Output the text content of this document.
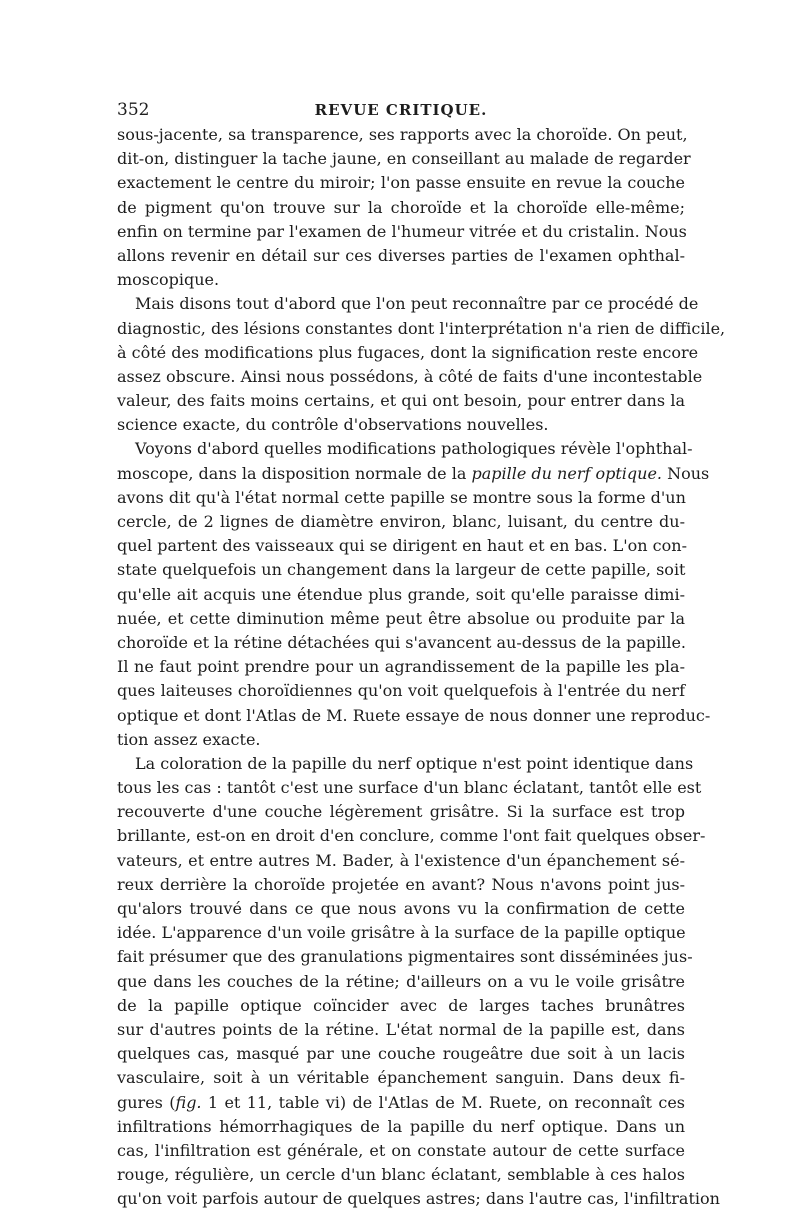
352	REVUE CRITIQUE.

sous-jacente, sa transparence, ses rapports avec la choroïde. On peut,
dit-on, distinguer la tache jaune, en conseillant au malade de regarder
exactement le centre du miroir; l'on passe ensuite en revue la couche
de pigment qu'on trouve sur la choroïde et la choroïde elle-même;
enfin on termine par l'examen de l'humeur vitrée et du cristalin. Nous
allons revenir en détail sur ces diverses parties de l'examen ophthal-
moscopique.

Mais disons tout d'abord que l'on peut reconnaître par ce procédé de
diagnostic, des lésions constantes dont l'interprétation n'a rien de difficile,
à côté des modifications plus fugaces, dont la signification reste encore
assez obscure. Ainsi nous possédons, à côté de faits d'une incontestable
valeur, des faits moins certains, et qui ont besoin, pour entrer dans la
science exacte, du contrôle d'observations nouvelles.

Voyons d'abord quelles modifications pathologiques révèle l'ophthal-
moscope, dans la disposition normale de la papille du nerf optique. Nous
avons dit qu'à l'état normal cette papille se montre sous la forme d'un
cercle, de 2 lignes de diamètre environ, blanc, luisant, du centre du-
quel partent des vaisseaux qui se dirigent en haut et en bas. L'on con-
state quelquefois un changement dans la largeur de cette papille, soit
qu'elle ait acquis une étendue plus grande, soit qu'elle paraisse dimi-
nuée, et cette diminution même peut être absolue ou produite par la
choroïde et la rétine détachées qui s'avancent au-dessus de la papille.
Il ne faut point prendre pour un agrandissement de la papille les pla-
ques laiteuses choroïdiennes qu'on voit quelquefois à l'entrée du nerf
optique et dont l'Atlas de M. Ruete essaye de nous donner une reproduc-
tion assez exacte.

La coloration de la papille du nerf optique n'est point identique dans
tous les cas : tantôt c'est une surface d'un blanc éclatant, tantôt elle est
recouverte d'une couche légèrement grisâtre. Si la surface est trop
brillante, est-on en droit d'en conclure, comme l'ont fait quelques obser-
vateurs, et entre autres M. Bader, à l'existence d'un épanchement sé-
reux derrière la choroïde projetée en avant? Nous n'avons point jus-
qu'alors trouvé dans ce que nous avons vu la confirmation de cette
idée. L'apparence d'un voile grisâtre à la surface de la papille optique
fait présumer que des granulations pigmentaires sont disséminées jus-
que dans les couches de la rétine; d'ailleurs on a vu le voile grisâtre
de la papille optique coïncider avec de larges taches brunâtres
sur d'autres points de la rétine. L'état normal de la papille est, dans
quelques cas, masqué par une couche rougeâtre due soit à un lacis
vasculaire, soit à un véritable épanchement sanguin. Dans deux fi-
gures (fig. 1 et 11, table vi) de l'Atlas de M. Ruete, on reconnaît ces
infiltrations hémorrhagiques de la papille du nerf optique. Dans un
cas, l'infiltration est générale, et on constate autour de cette surface
rouge, régulière, un cercle d'un blanc éclatant, semblable à ces halos
qu'on voit parfois autour de quelques astres; dans l'autre cas, l'infiltration
